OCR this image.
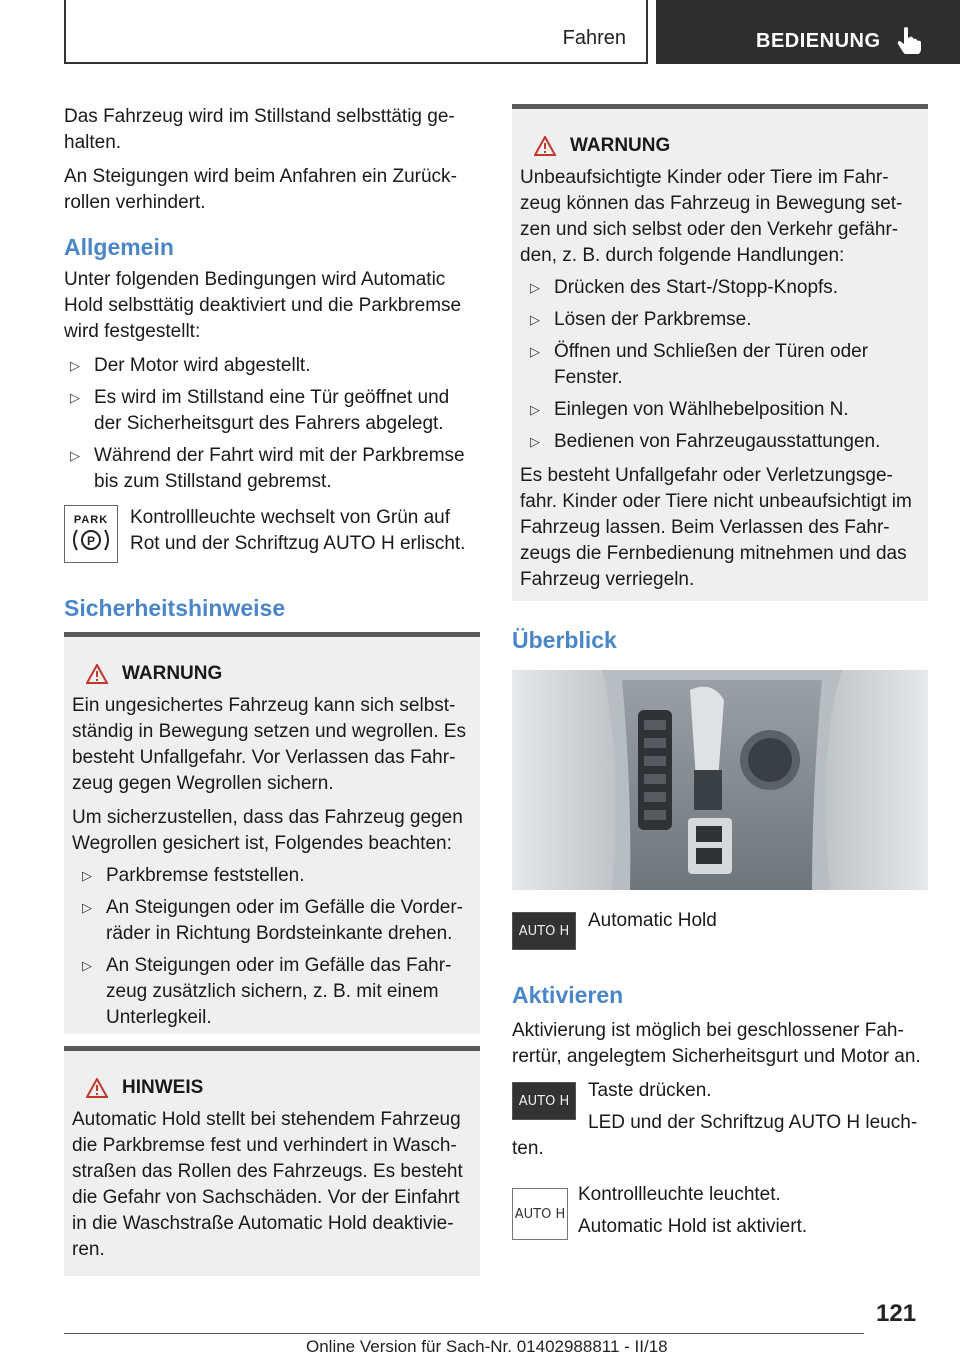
Fahren	BEDIENUNG

Das Fahrzeug wird im Stillstand selbsttätig gehalten.

An Steigungen wird beim Anfahren ein Zurückrollen verhindert.

Allgemein

Unter folgenden Bedingungen wird Automatic Hold selbsttätig deaktiviert und die Parkbremse wird festgestellt:

▷ Der Motor wird abgestellt.

▷ Es wird im Stillstand eine Tür geöffnet und der Sicherheitsgurt des Fahrers abgelegt.

▷ Während der Fahrt wird mit der Parkbremse bis zum Stillstand gebremst.

PARK
P

Kontrollleuchte wechselt von Grün auf Rot und der Schriftzug AUTO H erlischt.

Sicherheitshinweise

WARNUNG

Ein ungesichertes Fahrzeug kann sich selbstständig in Bewegung setzen und wegrollen. Es besteht Unfallgefahr. Vor Verlassen das Fahrzeug gegen Wegrollen sichern.

Um sicherzustellen, dass das Fahrzeug gegen Wegrollen gesichert ist, Folgendes beachten:

▷ Parkbremse feststellen.

▷ An Steigungen oder im Gefälle die Vorderräder in Richtung Bordsteinkante drehen.

▷ An Steigungen oder im Gefälle das Fahrzeug zusätzlich sichern, z. B. mit einem Unterlegkeil.

HINWEIS

Automatic Hold stellt bei stehendem Fahrzeug die Parkbremse fest und verhindert in Waschstraßen das Rollen des Fahrzeugs. Es besteht die Gefahr von Sachschäden. Vor der Einfahrt in die Waschstraße Automatic Hold deaktivieren.

WARNUNG

Unbeaufsichtigte Kinder oder Tiere im Fahrzeug können das Fahrzeug in Bewegung setzen und sich selbst oder den Verkehr gefährden, z. B. durch folgende Handlungen:

▷ Drücken des Start-/Stopp-Knopfs.

▷ Lösen der Parkbremse.

▷ Öffnen und Schließen der Türen oder Fenster.

▷ Einlegen von Wählhebelposition N.

▷ Bedienen von Fahrzeugausstattungen.

Es besteht Unfallgefahr oder Verletzungsgefahr. Kinder oder Tiere nicht unbeaufsichtigt im Fahrzeug lassen. Beim Verlassen des Fahrzeugs die Fernbedienung mitnehmen und das Fahrzeug verriegeln.

Überblick

AUTO H Automatic Hold

Aktivieren

Aktivierung ist möglich bei geschlossener Fahrertür, angelegtem Sicherheitsgurt und Motor an.

AUTO H Taste drücken.

LED und der Schriftzug AUTO H leuchten.

AUTO H

Kontrollleuchte leuchtet.

Automatic Hold ist aktiviert.

121

Online Version für Sach-Nr. 01402988811 - II/18
